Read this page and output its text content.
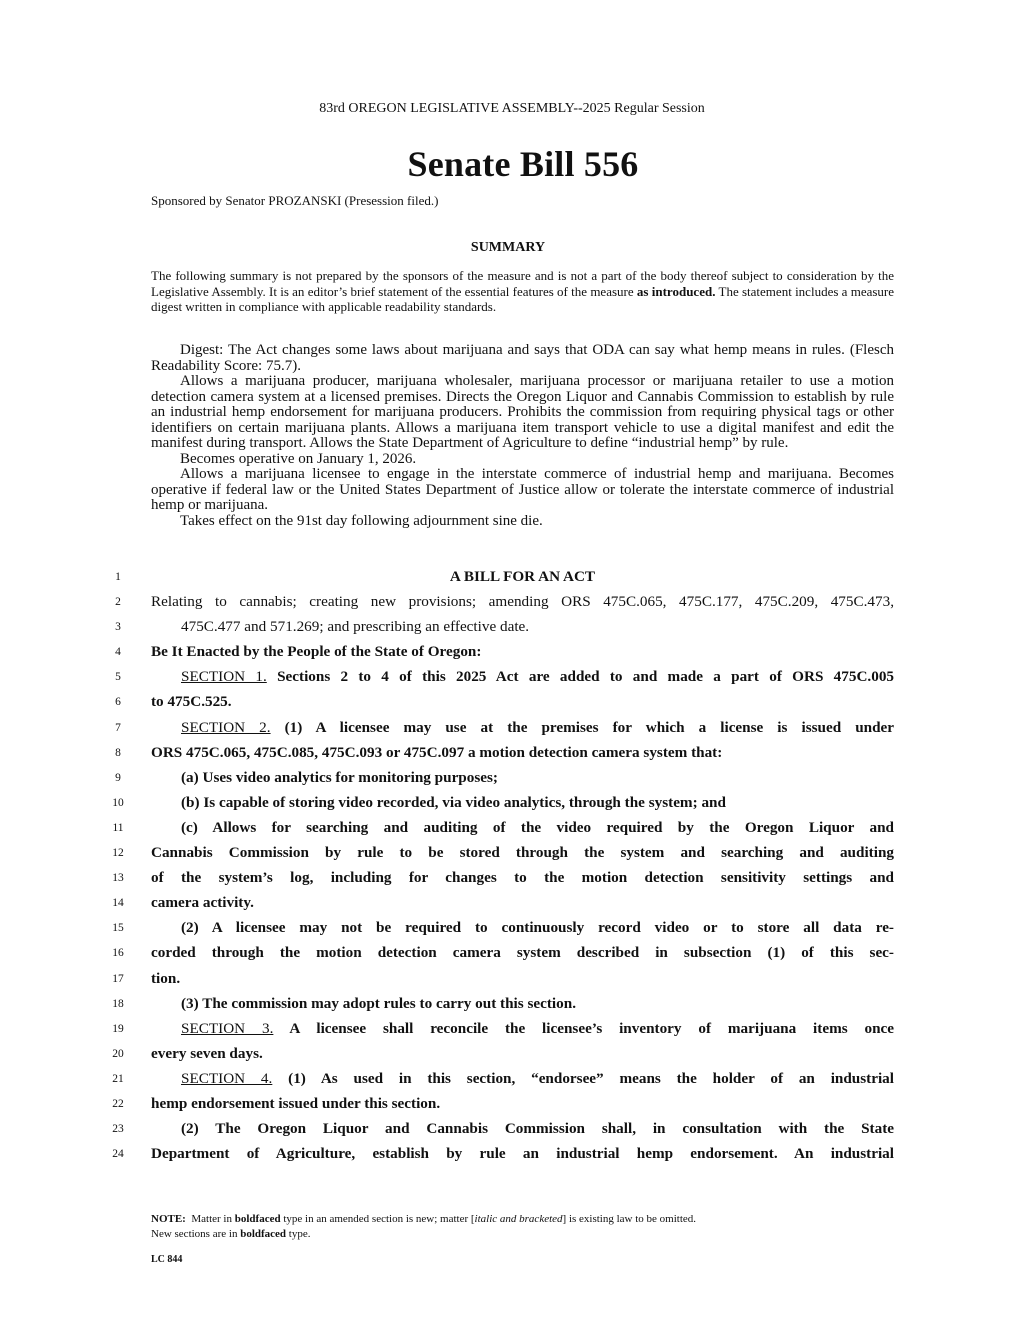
83rd OREGON LEGISLATIVE ASSEMBLY--2025 Regular Session
Senate Bill 556
Sponsored by Senator PROZANSKI (Presession filed.)
SUMMARY
The following summary is not prepared by the sponsors of the measure and is not a part of the body thereof subject to consideration by the Legislative Assembly. It is an editor’s brief statement of the essential features of the measure as introduced. The statement includes a measure digest written in compliance with applicable readability standards.

Digest: The Act changes some laws about marijuana and says that ODA can say what hemp means in rules. (Flesch Readability Score: 75.7).

Allows a marijuana producer, marijuana wholesaler, marijuana processor or marijuana retailer to use a motion detection camera system at a licensed premises. Directs the Oregon Liquor and Cannabis Commission to establish by rule an industrial hemp endorsement for marijuana producers. Prohibits the commission from requiring physical tags or other identifiers on certain marijuana plants. Allows a marijuana item transport vehicle to use a digital manifest and edit the manifest during transport. Allows the State Department of Agriculture to define “industrial hemp” by rule.

Becomes operative on January 1, 2026.

Allows a marijuana licensee to engage in the interstate commerce of industrial hemp and marijuana. Becomes operative if federal law or the United States Department of Justice allow or tolerate the interstate commerce of industrial hemp or marijuana.

Takes effect on the 91st day following adjournment sine die.

1	A BILL FOR AN ACT
2	Relating to cannabis; creating new provisions; amending ORS 475C.065, 475C.177, 475C.209, 475C.473,
3	475C.477 and 571.269; and prescribing an effective date.
4	Be It Enacted by the People of the State of Oregon:
5	SECTION 1. Sections 2 to 4 of this 2025 Act are added to and made a part of ORS 475C.005
6	to 475C.525.
7	SECTION 2. (1) A licensee may use at the premises for which a license is issued under
8	ORS 475C.065, 475C.085, 475C.093 or 475C.097 a motion detection camera system that:
9	(a) Uses video analytics for monitoring purposes;
10	(b) Is capable of storing video recorded, via video analytics, through the system; and
11	(c) Allows for searching and auditing of the video required by the Oregon Liquor and
12	Cannabis Commission by rule to be stored through the system and searching and auditing
13	of the system’s log, including for changes to the motion detection sensitivity settings and
14	camera activity.
15	(2) A licensee may not be required to continuously record video or to store all data re-
16	corded through the motion detection camera system described in subsection (1) of this sec-
17	tion.
18	(3) The commission may adopt rules to carry out this section.
19	SECTION 3. A licensee shall reconcile the licensee’s inventory of marijuana items once
20	every seven days.
21	SECTION 4. (1) As used in this section, “endorsee” means the holder of an industrial
22	hemp endorsement issued under this section.
23	(2) The Oregon Liquor and Cannabis Commission shall, in consultation with the State
24	Department of Agriculture, establish by rule an industrial hemp endorsement. An industrial
NOTE: Matter in boldfaced type in an amended section is new; matter [italic and bracketed] is existing law to be omitted.
New sections are in boldfaced type.
LC 844
